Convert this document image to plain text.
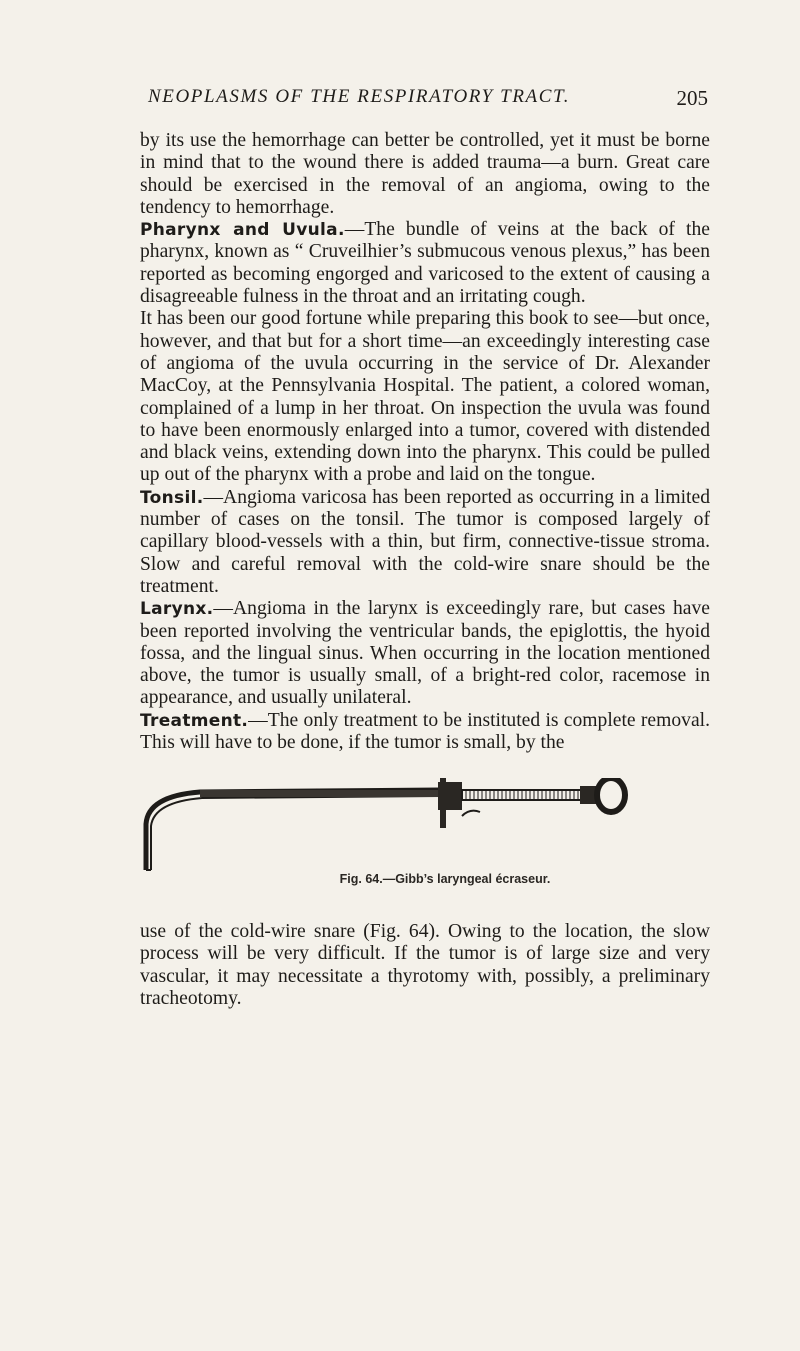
NEOPLASMS OF THE RESPIRATORY TRACT.	205

by its use the hemorrhage can better be controlled, yet it must be borne in mind that to the wound there is added trauma—a burn. Great care should be exercised in the removal of an angioma, owing to the tendency to hemorrhage.

Pharynx and Uvula.—The bundle of veins at the back of the pharynx, known as “ Cruveilhier’s submucous venous plexus,” has been reported as becoming engorged and varicosed to the extent of causing a disagreeable fulness in the throat and an irritating cough.

It has been our good fortune while preparing this book to see—but once, however, and that but for a short time—an exceedingly interesting case of angioma of the uvula occurring in the service of Dr. Alexander MacCoy, at the Pennsylvania Hospital. The patient, a colored woman, complained of a lump in her throat. On inspection the uvula was found to have been enormously enlarged into a tumor, covered with distended and black veins, extending down into the pharynx. This could be pulled up out of the pharynx with a probe and laid on the tongue.

Tonsil.—Angioma varicosa has been reported as occurring in a limited number of cases on the tonsil. The tumor is composed largely of capillary blood-vessels with a thin, but firm, connective-tissue stroma. Slow and careful removal with the cold-wire snare should be the treatment.

Larynx.—Angioma in the larynx is exceedingly rare, but cases have been reported involving the ventricular bands, the epiglottis, the hyoid fossa, and the lingual sinus. When occurring in the location mentioned above, the tumor is usually small, of a bright-red color, racemose in appearance, and usually unilateral.

Treatment.—The only treatment to be instituted is complete removal. This will have to be done, if the tumor is small, by the

Fig. 64.—Gibb’s laryngeal écraseur.

use of the cold-wire snare (Fig. 64). Owing to the location, the slow process will be very difficult. If the tumor is of large size and very vascular, it may necessitate a thyrotomy with, possibly, a preliminary tracheotomy.
